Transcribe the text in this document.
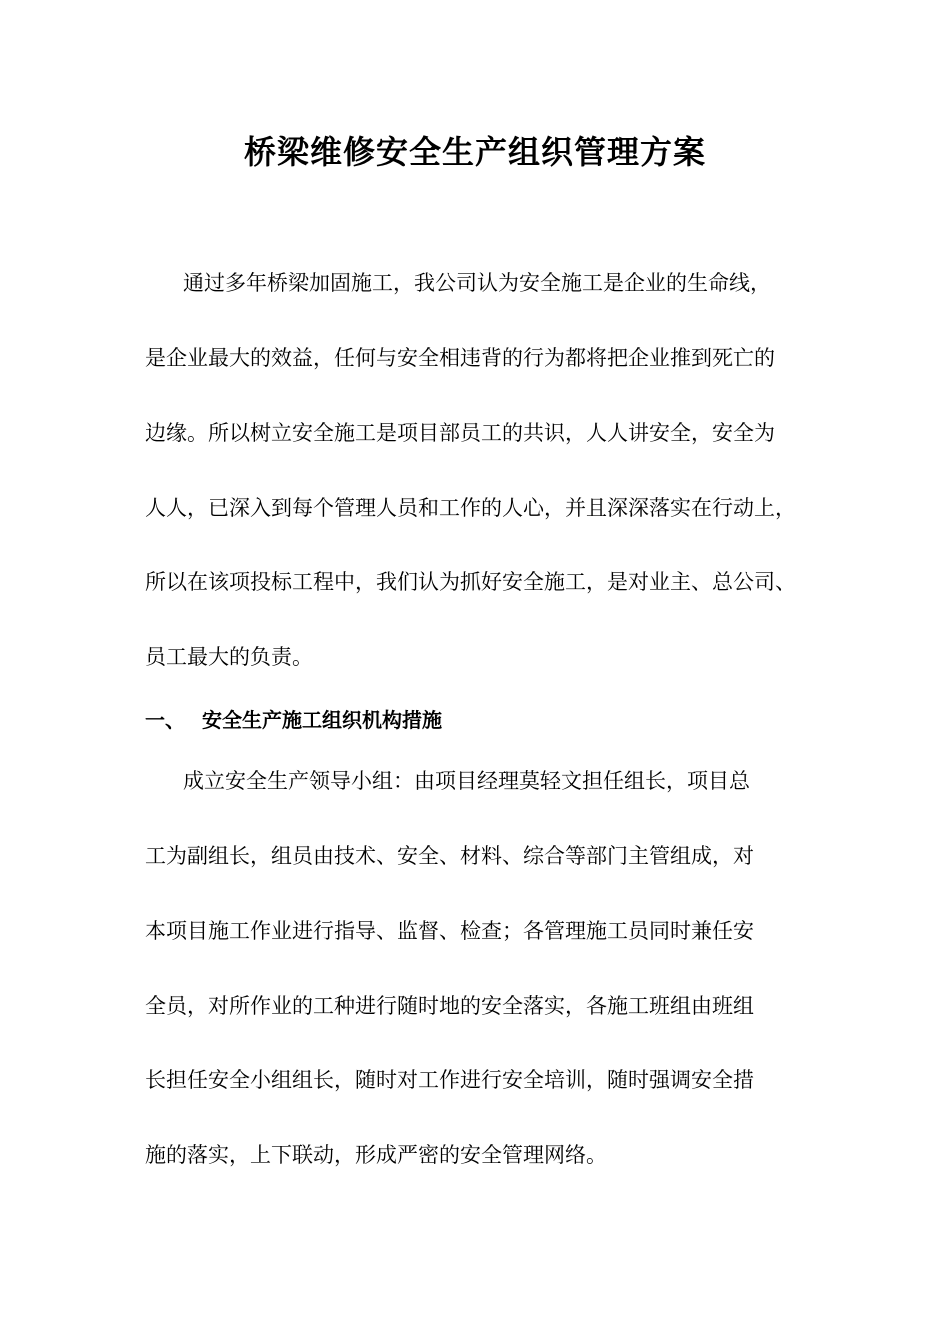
桥梁维修安全生产组织管理方案
通过多年桥梁加固施工，我公司认为安全施工是企业的生命线，
是企业最大的效益，任何与安全相违背的行为都将把企业推到死亡的
边缘。所以树立安全施工是项目部员工的共识，人人讲安全，安全为
人人，已深入到每个管理人员和工作的人心，并且深深落实在行动上，
所以在该项投标工程中，我们认为抓好安全施工，是对业主、总公司、
员工最大的负责。
一、 安全生产施工组织机构措施
成立安全生产领导小组：由项目经理莫轻文担任组长，项目总
工为副组长，组员由技术、安全、材料、综合等部门主管组成，对
本项目施工作业进行指导、监督、检查；各管理施工员同时兼任安
全员，对所作业的工种进行随时地的安全落实，各施工班组由班组
长担任安全小组组长，随时对工作进行安全培训，随时强调安全措
施的落实，上下联动，形成严密的安全管理网络。
